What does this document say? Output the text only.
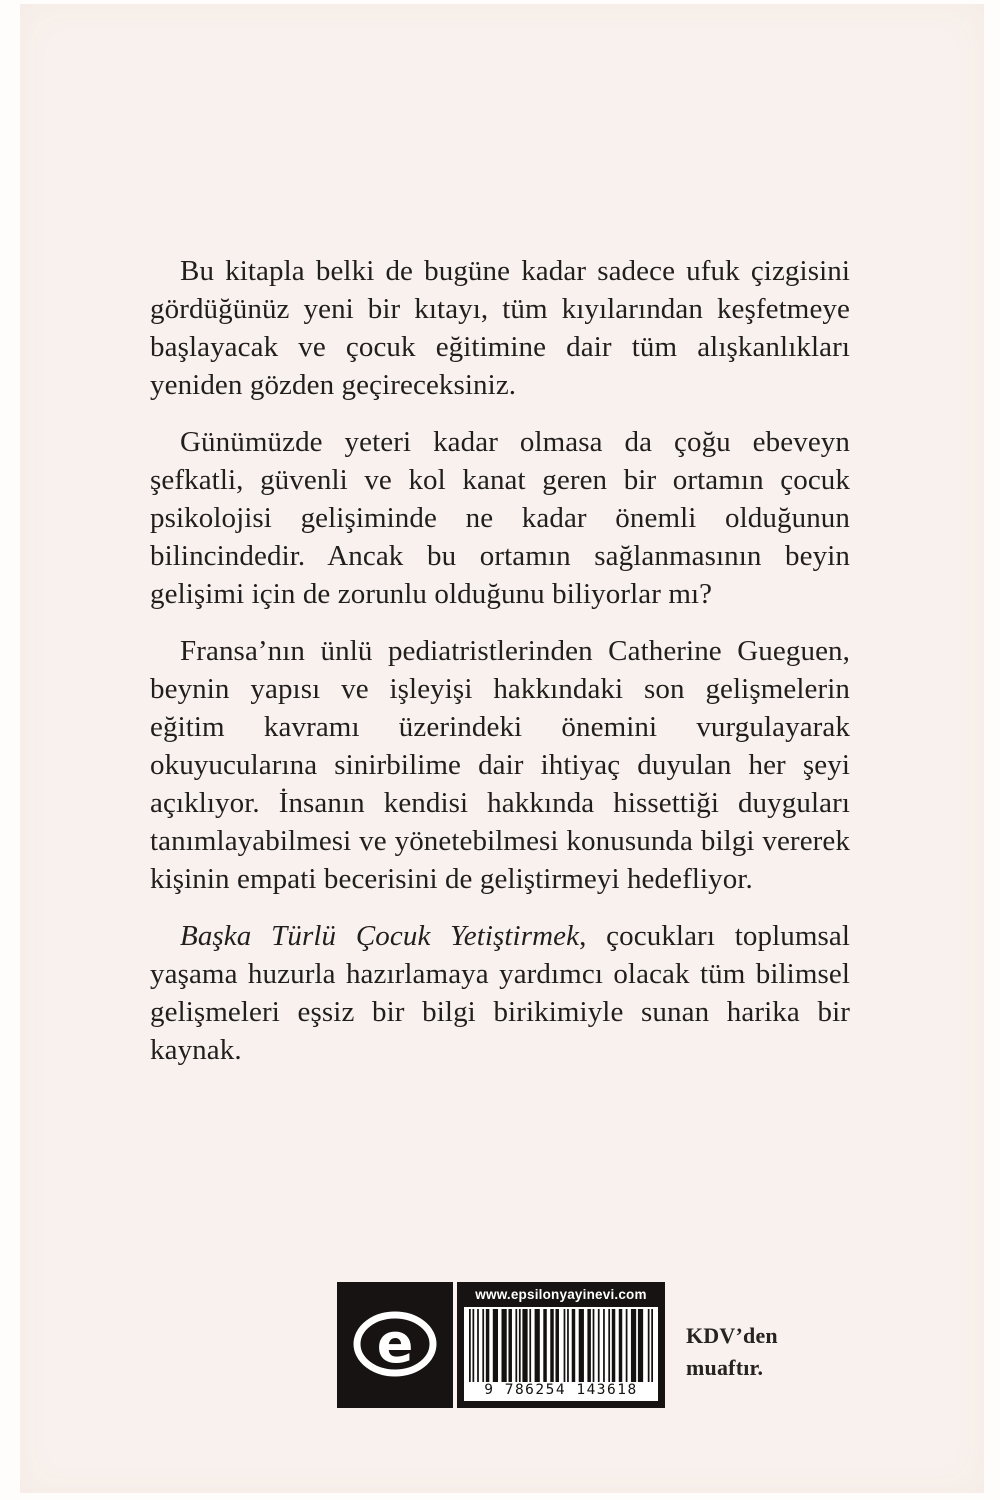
Bu kitapla belki de bugüne kadar sadece ufuk çizgisini gördüğünüz yeni bir kıtayı, tüm kıyılarından keşfetmeye başlayacak ve çocuk eğitimine dair tüm alışkanlıkları yeniden gözden geçireceksiniz.

Günümüzde yeteri kadar olmasa da çoğu ebeveyn şefkatli, güvenli ve kol kanat geren bir ortamın çocuk psikolojisi gelişiminde ne kadar önemli olduğunun bilincindedir. Ancak bu ortamın sağlanmasının beyin gelişimi için de zorunlu olduğunu biliyorlar mı?

Fransa’nın ünlü pediatristlerinden Catherine Gueguen, beynin yapısı ve işleyişi hakkındaki son gelişmelerin eğitim kavramı üzerindeki önemini vurgulayarak okuyucularına sinirbilime dair ihtiyaç duyulan her şeyi açıklıyor. İnsanın kendisi hakkında hissettiği duyguları tanımlayabilmesi ve yönetebilmesi konusunda bilgi vererek kişinin empati becerisini de geliştirmeyi hedefliyor.

Başka Türlü Çocuk Yetiştirmek, çocukları toplumsal yaşama huzurla hazırlamaya yardımcı olacak tüm bilimsel gelişmeleri eşsiz bir bilgi birikimiyle sunan harika bir kaynak.

e
www.epsilonyayinevi.com
9 786254 143618
KDV’den muaftır.
